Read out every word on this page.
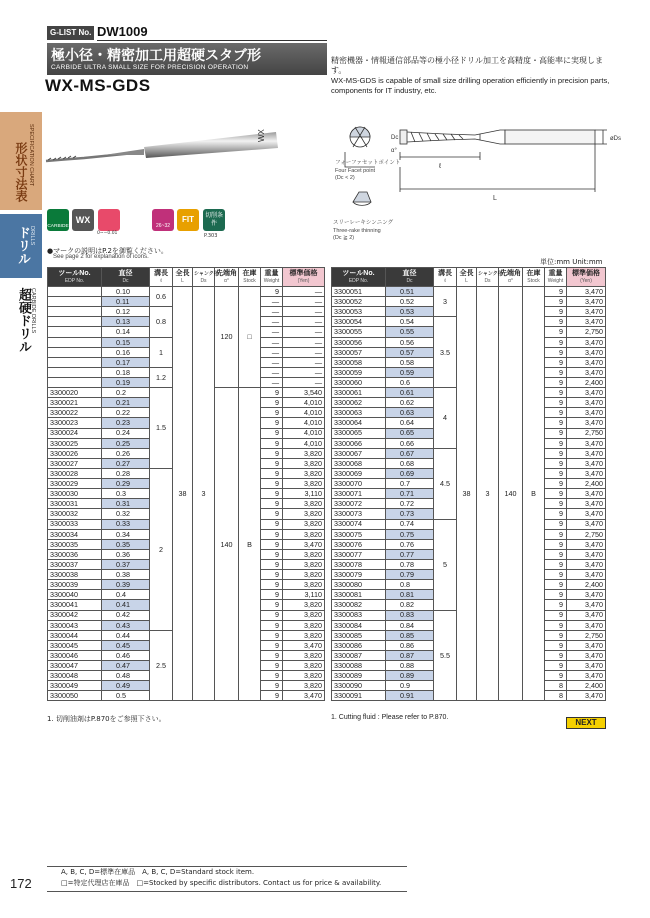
G-LIST No. DW1009
極小径・精密加工用超硬スタブ形
CARBIDE ULTRA SMALL SIZE FOR PRECISION OPERATION
WX-MS-GDS
精密機器・情報通信部品等の極小径ドリル加工を高精度・高能率に実現します。
WX-MS-GDS is capable of small size drilling operation efficiently in precision parts, components for IT industry, etc.
形状寸法表 SPECIFICATION CHART
ドリル DRILLS
超硬ドリル CARBIDE DRILLS
WX	øDs
Dc
ℓ
L
α°
フォーファセットポイント
Four Facet point
(Dc < 2)
スリーレーキシンニング
Three-rake thinning
(Dc ≧ 2)
CARBIDE
WX
0~−0.01
26~32
FIT	切削条件
P.303
●マークの説明はP.2を御覧ください。
See page 2 for explanation of icons.
単位:mm Unit:mm
ツールNo.
EDP No.	直径
Dc	溝長
ℓ	全長
L	シャンク径
Ds	先端角
α°	在庫
Stock	重量
Weight	標準価格
(Yen)

	0.10	0.6	38	3	120	□	9	—
	0.11						—	—
	0.12	0.8					—	—
	0.13						—	—
	0.14						—	—
	0.15	1					—	—
	0.16						—	—
	0.17						—	—
	0.18	1.2					—	—
	0.19						—	—
3300020	0.2	1.5			140	B	9	3,540
3300021	0.21						9	4,010
3300022	0.22						9	4,010
3300023	0.23						9	4,010
3300024	0.24						9	4,010
3300025	0.25						9	4,010
3300026	0.26						9	3,820
3300027	0.27						9	3,820
3300028	0.28	2					9	3,820
3300029	0.29						9	3,820
3300030	0.3						9	3,110
3300031	0.31						9	3,820
3300032	0.32						9	3,820
3300033	0.33						9	3,820
3300034	0.34						9	3,820
3300035	0.35						9	3,470
3300036	0.36						9	3,820
3300037	0.37						9	3,820
3300038	0.38						9	3,820
3300039	0.39						9	3,820
3300040	0.4						9	3,110
3300041	0.41						9	3,820
3300042	0.42						9	3,820
3300043	0.43						9	3,820
3300044	0.44	2.5					9	3,820
3300045	0.45						9	3,470
3300046	0.46						9	3,820
3300047	0.47						9	3,820
3300048	0.48						9	3,820
3300049	0.49						9	3,820
3300050	0.5						9	3,470
ツールNo.
EDP No.	直径
Dc	溝長
ℓ	全長
L	シャンク径
Ds	先端角
α°	在庫
Stock	重量
Weight	標準価格
(Yen)

3300051	0.51	3	38	3	140	B	9	3,470
3300052	0.52						9	3,470
3300053	0.53						9	3,470
3300054	0.54	3.5					9	3,470
3300055	0.55						9	2,750
3300056	0.56						9	3,470
3300057	0.57						9	3,470
3300058	0.58						9	3,470
3300059	0.59						9	3,470
3300060	0.6						9	2,400
3300061	0.61	4					9	3,470
3300062	0.62						9	3,470
3300063	0.63						9	3,470
3300064	0.64						9	3,470
3300065	0.65						9	2,750
3300066	0.66						9	3,470
3300067	0.67	4.5					9	3,470
3300068	0.68						9	3,470
3300069	0.69						9	3,470
3300070	0.7						9	2,400
3300071	0.71						9	3,470
3300072	0.72						9	3,470
3300073	0.73						9	3,470
3300074	0.74	5					9	3,470
3300075	0.75						9	2,750
3300076	0.76						9	3,470
3300077	0.77						9	3,470
3300078	0.78						9	3,470
3300079	0.79						9	3,470
3300080	0.8						9	2,400
3300081	0.81						9	3,470
3300082	0.82						9	3,470
3300083	0.83	5.5					9	3,470
3300084	0.84						9	3,470
3300085	0.85						9	2,750
3300086	0.86						9	3,470
3300087	0.87						9	3,470
3300088	0.88						9	3,470
3300089	0.89						9	3,470
3300090	0.9						8	2,400
3300091	0.91						8	3,470
1. 切削油剤はP.870をご参照下さい。	1. Cutting fluid : Please refer to P.870.
NEXT
A, B, C, D=標準在庫品　A, B, C, D=Standard stock item.
□=特定代理店在庫品　□=Stocked by specific distributors. Contact us for price & availability.
172
